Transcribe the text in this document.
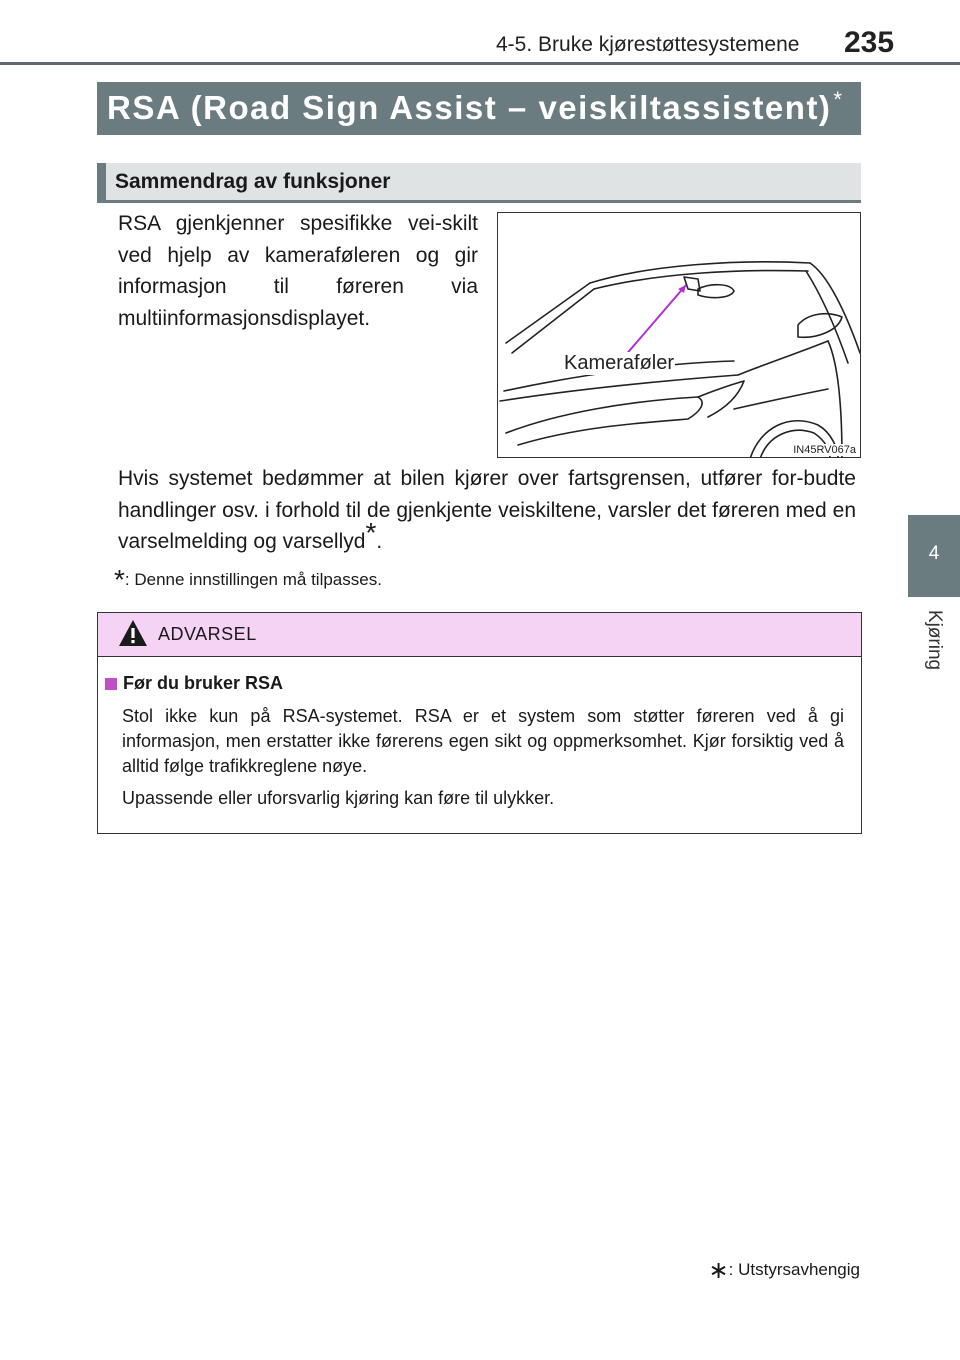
4-5. Bruke kjørestøttesystemene 235
4
Kjøring
RSA (Road Sign Assist – veiskiltassistent)*
Sammendrag av funksjoner

RSA gjenkjenner spesifikke vei-skilt ved hjelp av kameraføleren og gir informasjon til føreren via multiinformasjonsdisplayet.

Kameraføler
IN45RV067a

Hvis systemet bedømmer at bilen kjører over fartsgrensen, utfører for-budte handlinger osv. i forhold til de gjenkjente veiskiltene, varsler det føreren med en varselmelding og varsellyd*.

*: Denne innstillingen må tilpasses.
ADVARSEL
Før du bruker RSA

Stol ikke kun på RSA-systemet. RSA er et system som støtter føreren ved å gi informasjon, men erstatter ikke førerens egen sikt og oppmerksomhet. Kjør forsiktig ved å alltid følge trafikkreglene nøye.

Upassende eller uforsvarlig kjøring kan føre til ulykker.

∗: Utstyrsavhengig
